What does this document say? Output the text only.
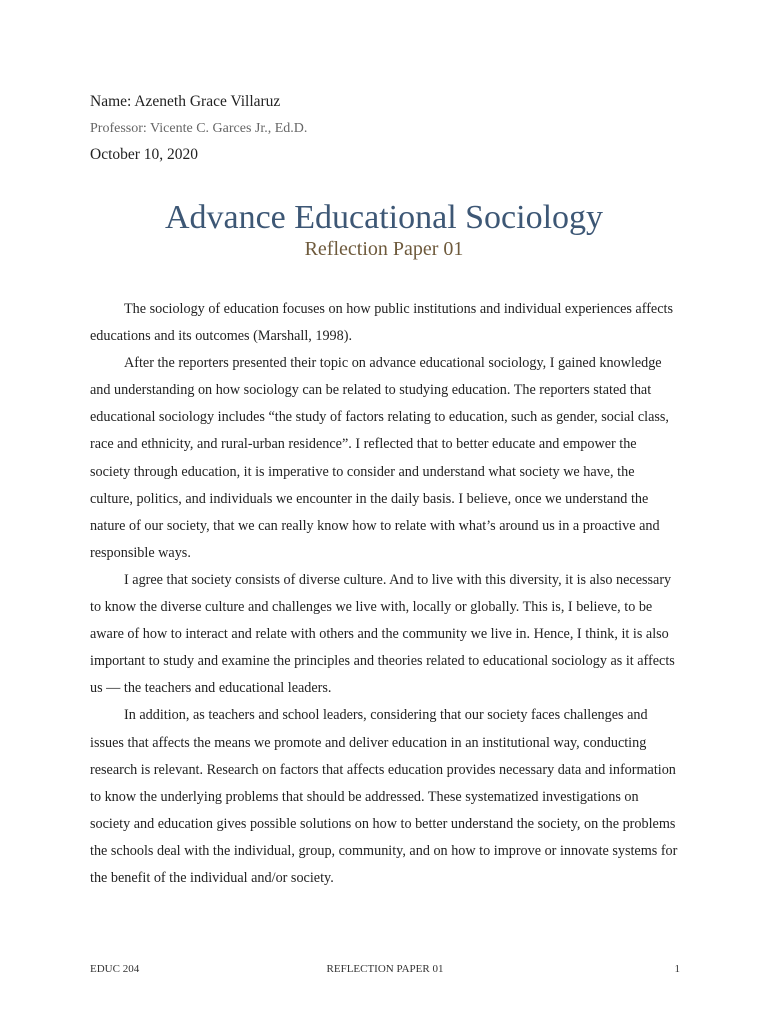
Name: Azeneth Grace Villaruz
Professor: Vicente C. Garces Jr., Ed.D.
October 10, 2020
Advance Educational Sociology
Reflection Paper 01

The sociology of education focuses on how public institutions and individual experiences affects educations and its outcomes (Marshall, 1998).

After the reporters presented their topic on advance educational sociology, I gained knowledge and understanding on how sociology can be related to studying education. The reporters stated that educational sociology includes “the study of factors relating to education, such as gender, social class, race and ethnicity, and rural-urban residence”. I reflected that to better educate and empower the society through education, it is imperative to consider and understand what society we have, the culture, politics, and individuals we encounter in the daily basis. I believe, once we understand the nature of our society, that we can really know how to relate with what’s around us in a proactive and responsible ways.

I agree that society consists of diverse culture. And to live with this diversity, it is also necessary to know the diverse culture and challenges we live with, locally or globally. This is, I believe, to be aware of how to interact and relate with others and the community we live in. Hence, I think, it is also important to study and examine the principles and theories related to educational sociology as it affects us — the teachers and educational leaders.

In addition, as teachers and school leaders, considering that our society faces challenges and issues that affects the means we promote and deliver education in an institutional way, conducting research is relevant. Research on factors that affects education provides necessary data and information to know the underlying problems that should be addressed. These systematized investigations on society and education gives possible solutions on how to better understand the society, on the problems the schools deal with the individual, group, community, and on how to improve or innovate systems for the benefit of the individual and/or society.

EDUC 204	REFLECTION PAPER 01	1
